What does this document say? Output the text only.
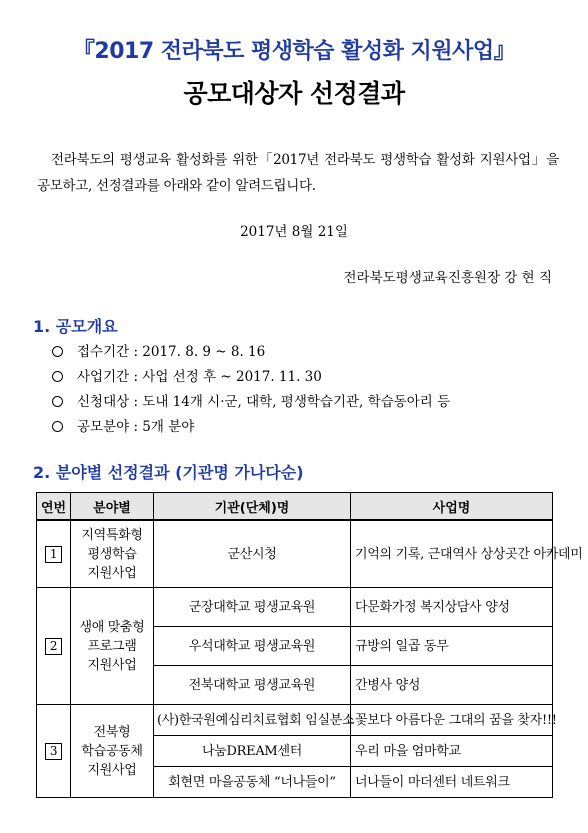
『2017 전라북도 평생학습 활성화 지원사업』
공모대상자 선정결과
전라북도의 평생교육 활성화를 위한「2017년 전라북도 평생학습 활성화 지원사업」을 공모하고, 선정결과를 아래와 같이 알려드립니다.
2017년 8월 21일
전라북도평생교육진흥원장 강 현 직
1. 공모개요
접수기간 : 2017. 8. 9 ~ 8. 16
사업기간 : 사업 선정 후 ~ 2017. 11. 30
신청대상 : 도내 14개 시·군, 대학, 평생학습기관, 학습동아리 등
공모분야 : 5개 분야
2. 분야별 선정결과 (기관명 가나다순)
연번	분야별	기관(단체)명	사업명
1	지역특화형
평생학습
지원사업	군산시청	기억의 기록, 근대역사 상상곳간 아카데미
2	생애 맞춤형
프로그램
지원사업	군장대학교 평생교육원	다문화가정 복지상담사 양성
		우석대학교 평생교육원	규방의 일곱 동무
		전북대학교 평생교육원	간병사 양성
3	전북형
학습공동체
지원사업	(사)한국원예심리치료협회 임실분소	꽃보다 아름다운 그대의 꿈을 찾자!!!
		나눔DREAM센터	우리 마을 엄마학교
		회현면 마을공동체 “너나들이”	너나들이 마더센터 네트워크
